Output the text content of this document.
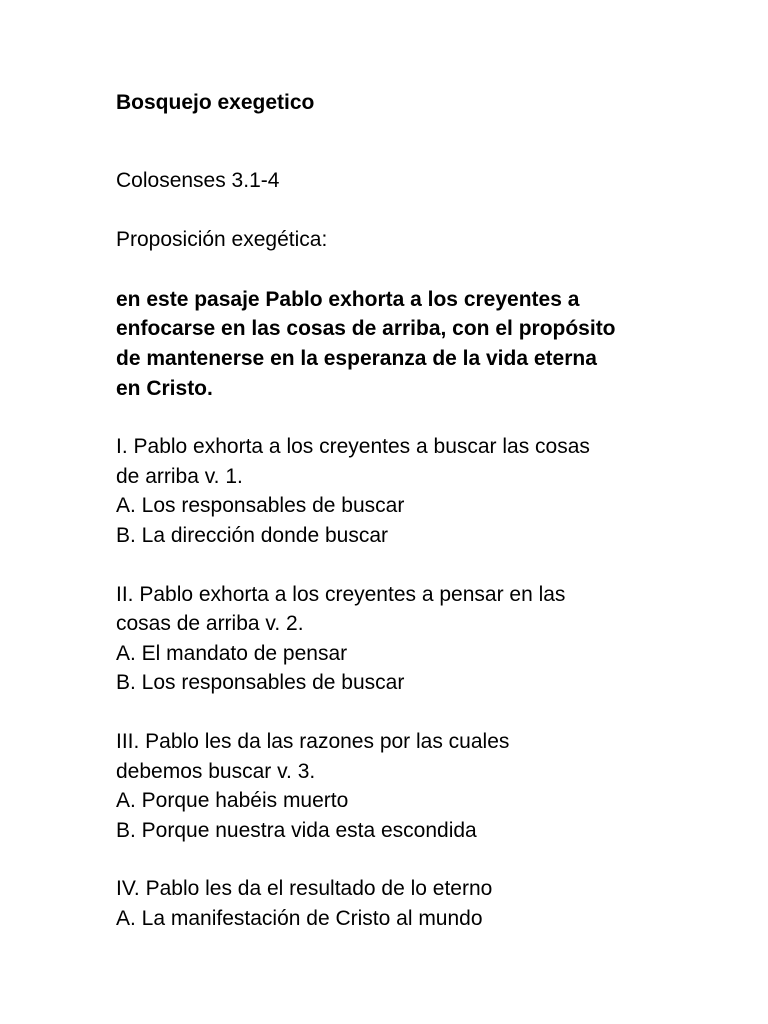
Bosquejo exegetico
Colosenses 3.1-4
Proposición exegética:
en este pasaje Pablo exhorta a los creyentes a
enfocarse en las cosas de arriba, con el propósito
de mantenerse en la esperanza de la vida eterna
en Cristo.
I. Pablo exhorta a los creyentes a buscar las cosas
de arriba v. 1.
A. Los responsables de buscar
B. La dirección donde buscar
II. Pablo exhorta a los creyentes a pensar en las
cosas de arriba v. 2.
A. El mandato de pensar
B. Los responsables de buscar
III. Pablo les da las razones por las cuales
debemos buscar v. 3.
A. Porque habéis muerto
B. Porque nuestra vida esta escondida
IV. Pablo les da el resultado de lo eterno
A. La manifestación de Cristo al mundo
